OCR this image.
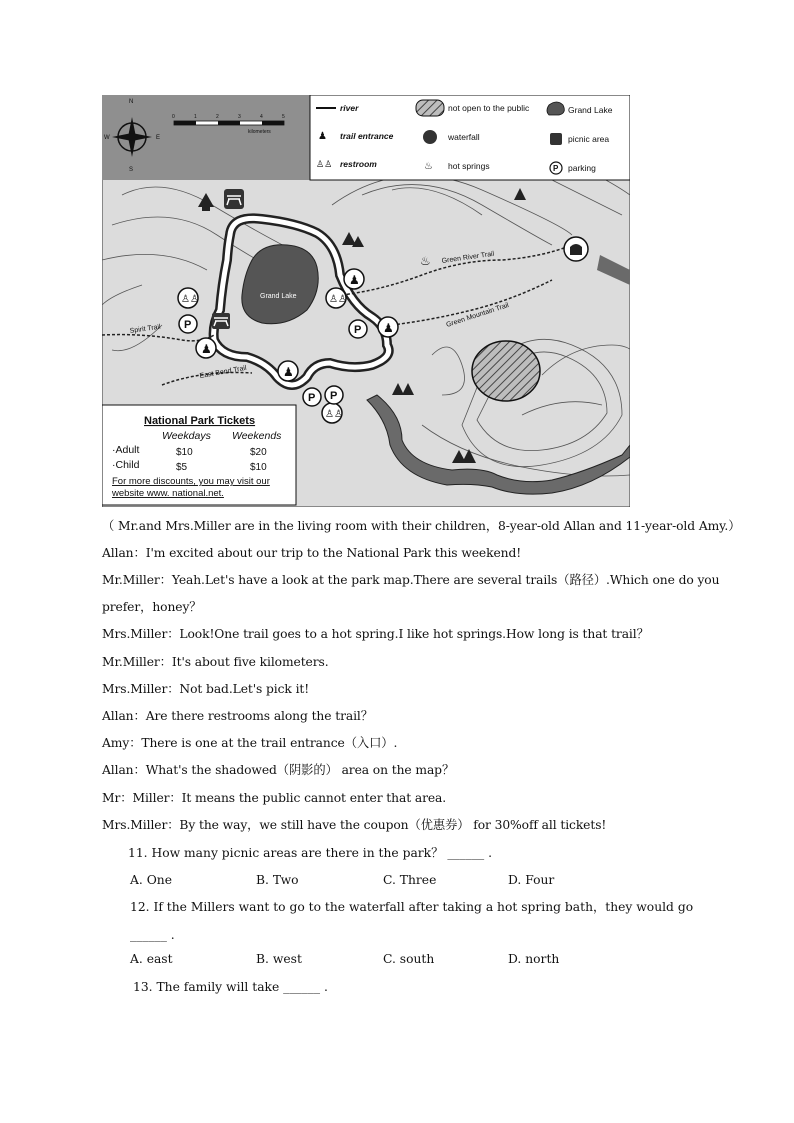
Grand Lake
Green River Trail
Green Mountain Trail
Spirit Trail
East Bend Trail
♙♙	♙♙
♙♙
P	P
P P
♟
♟
♟
♟
♨
N
S
W	E
0	1	2	3	4	5
kilometers
river
♟ trail entrance
♙♙ restroom
not open to the public
waterfall
♨ hot springs
Grand Lake
picnic area
P parking
National Park Tickets
Weekdays Weekends
·Adult	$10	$20
·Child	$5	$10
For more discounts, you may visit our
website www. national.net.
（ Mr.and Mrs.Miller are in the living room with their children，8-year-old Allan and 11-year-old Amy.）
Allan：I'm excited about our trip to the National Park this weekend!
Mr.Miller：Yeah.Let's have a look at the park map.There are several trails（路径）.Which one do you
prefer，honey？
Mrs.Miller：Look!One trail goes to a hot spring.I like hot springs.How long is that trail？
Mr.Miller：It's about five kilometers.
Mrs.Miller：Not bad.Let's pick it!
Allan：Are there restrooms along the trail？
Amy：There is one at the trail entrance（入口）.
Allan：What's the shadowed（阴影的） area on the map？
Mr：Miller：It means the public cannot enter that area.
Mrs.Miller：By the way，we still have the coupon（优惠券） for 30%off all tickets!
11. How many picnic areas are there in the park？ ______ .
A. One	B. Two	C. Three	D. Four
12. If the Millers want to go to the waterfall after taking a hot spring bath，they would go
______ .
A. east	B. west	C. south	D. north
13. The family will take ______ .
